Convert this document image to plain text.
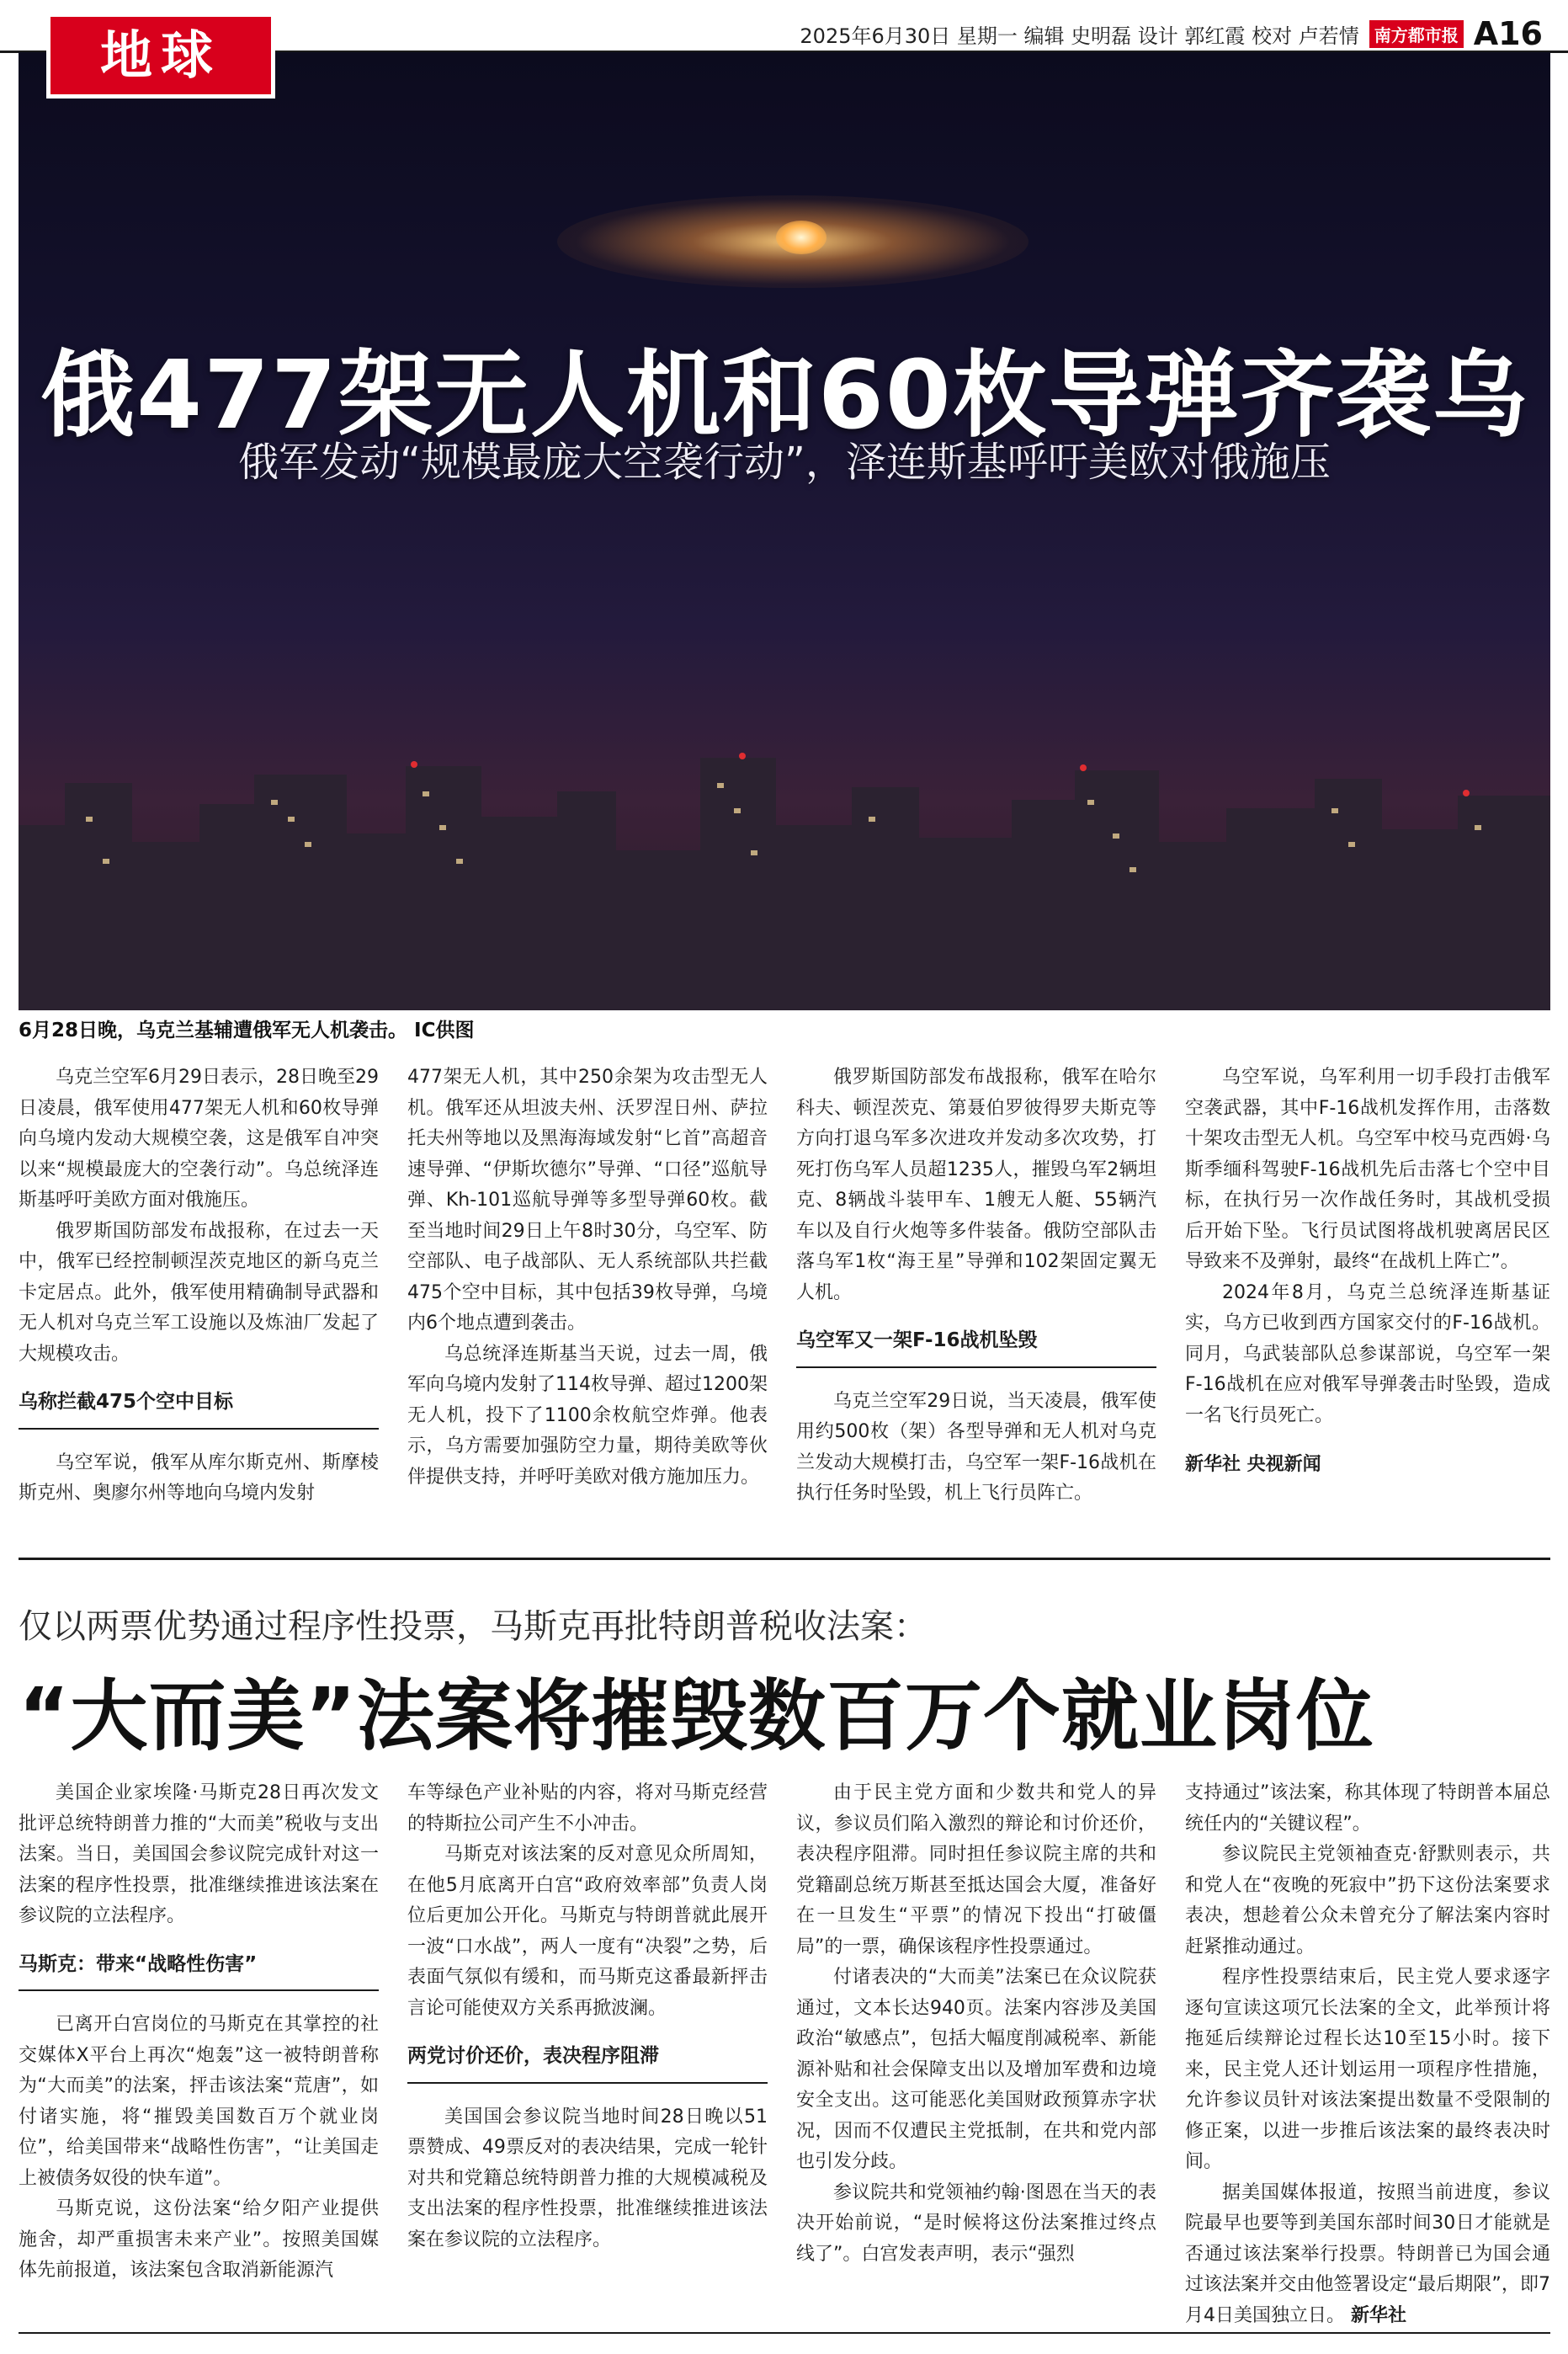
2025年6月30日 星期一 编辑 史明磊 设计 郭红霞 校对 卢若情 南方都市报 A16
地球
俄477架无人机和60枚导弹齐袭乌
俄军发动“规模最庞大空袭行动”，泽连斯基呼吁美欧对俄施压
6月28日晚，乌克兰基辅遭俄军无人机袭击。 IC供图

乌克兰空军6月29日表示，28日晚至29日凌晨，俄军使用477架无人机和60枚导弹向乌境内发动大规模空袭，这是俄军自冲突以来“规模最庞大的空袭行动”。乌总统泽连斯基呼吁美欧方面对俄施压。

俄罗斯国防部发布战报称，在过去一天中，俄军已经控制顿涅茨克地区的新乌克兰卡定居点。此外，俄军使用精确制导武器和无人机对乌克兰军工设施以及炼油厂发起了大规模攻击。

乌称拦截475个空中目标

乌空军说，俄军从库尔斯克州、斯摩棱斯克州、奥廖尔州等地向乌境内发射

477架无人机，其中250余架为攻击型无人机。俄军还从坦波夫州、沃罗涅日州、萨拉托夫州等地以及黑海海域发射“匕首”高超音速导弹、“伊斯坎德尔”导弹、“口径”巡航导弹、Kh-101巡航导弹等多型导弹60枚。截至当地时间29日上午8时30分，乌空军、防空部队、电子战部队、无人系统部队共拦截475个空中目标，其中包括39枚导弹，乌境内6个地点遭到袭击。

乌总统泽连斯基当天说，过去一周，俄军向乌境内发射了114枚导弹、超过1200架无人机，投下了1100余枚航空炸弹。他表示，乌方需要加强防空力量，期待美欧等伙伴提供支持，并呼吁美欧对俄方施加压力。

俄罗斯国防部发布战报称，俄军在哈尔科夫、顿涅茨克、第聂伯罗彼得罗夫斯克等方向打退乌军多次进攻并发动多次攻势，打死打伤乌军人员超1235人，摧毁乌军2辆坦克、8辆战斗装甲车、1艘无人艇、55辆汽车以及自行火炮等多件装备。俄防空部队击落乌军1枚“海王星”导弹和102架固定翼无人机。

乌空军又一架F-16战机坠毁

乌克兰空军29日说，当天凌晨，俄军使用约500枚（架）各型导弹和无人机对乌克兰发动大规模打击，乌空军一架F-16战机在执行任务时坠毁，机上飞行员阵亡。

乌空军说，乌军利用一切手段打击俄军空袭武器，其中F-16战机发挥作用，击落数十架攻击型无人机。乌空军中校马克西姆·乌斯季缅科驾驶F-16战机先后击落七个空中目标，在执行另一次作战任务时，其战机受损后开始下坠。飞行员试图将战机驶离居民区导致来不及弹射，最终“在战机上阵亡”。

2024年8月，乌克兰总统泽连斯基证实，乌方已收到西方国家交付的F-16战机。同月，乌武装部队总参谋部说，乌空军一架F-16战机在应对俄军导弹袭击时坠毁，造成一名飞行员死亡。

新华社 央视新闻

仅以两票优势通过程序性投票，马斯克再批特朗普税收法案：
“大而美”法案将摧毁数百万个就业岗位

美国企业家埃隆·马斯克28日再次发文批评总统特朗普力推的“大而美”税收与支出法案。当日，美国国会参议院完成针对这一法案的程序性投票，批准继续推进该法案在参议院的立法程序。

马斯克：带来“战略性伤害”

已离开白宫岗位的马斯克在其掌控的社交媒体X平台上再次“炮轰”这一被特朗普称为“大而美”的法案，抨击该法案“荒唐”，如付诸实施，将“摧毁美国数百万个就业岗位”，给美国带来“战略性伤害”，“让美国走上被债务奴役的快车道”。

马斯克说，这份法案“给夕阳产业提供施舍，却严重损害未来产业”。按照美国媒体先前报道，该法案包含取消新能源汽

车等绿色产业补贴的内容，将对马斯克经营的特斯拉公司产生不小冲击。

马斯克对该法案的反对意见众所周知，在他5月底离开白宫“政府效率部”负责人岗位后更加公开化。马斯克与特朗普就此展开一波“口水战”，两人一度有“决裂”之势，后表面气氛似有缓和，而马斯克这番最新抨击言论可能使双方关系再掀波澜。

两党讨价还价，表决程序阻滞

美国国会参议院当地时间28日晚以51票赞成、49票反对的表决结果，完成一轮针对共和党籍总统特朗普力推的大规模减税及支出法案的程序性投票，批准继续推进该法案在参议院的立法程序。

由于民主党方面和少数共和党人的异议，参议员们陷入激烈的辩论和讨价还价，表决程序阻滞。同时担任参议院主席的共和党籍副总统万斯甚至抵达国会大厦，准备好在一旦发生“平票”的情况下投出“打破僵局”的一票，确保该程序性投票通过。

付诸表决的“大而美”法案已在众议院获通过，文本长达940页。法案内容涉及美国政治“敏感点”，包括大幅度削减税率、新能源补贴和社会保障支出以及增加军费和边境安全支出。这可能恶化美国财政预算赤字状况，因而不仅遭民主党抵制，在共和党内部也引发分歧。

参议院共和党领袖约翰·图恩在当天的表决开始前说，“是时候将这份法案推过终点线了”。白宫发表声明，表示“强烈

支持通过”该法案，称其体现了特朗普本届总统任内的“关键议程”。

参议院民主党领袖查克·舒默则表示，共和党人在“夜晚的死寂中”扔下这份法案要求表决，想趁着公众未曾充分了解法案内容时赶紧推动通过。

程序性投票结束后，民主党人要求逐字逐句宣读这项冗长法案的全文，此举预计将拖延后续辩论过程长达10至15小时。接下来，民主党人还计划运用一项程序性措施，允许参议员针对该法案提出数量不受限制的修正案，以进一步推后该法案的最终表决时间。

据美国媒体报道，按照当前进度，参议院最早也要等到美国东部时间30日才能就是否通过该法案举行投票。特朗普已为国会通过该法案并交由他签署设定“最后期限”，即7月4日美国独立日。 新华社
